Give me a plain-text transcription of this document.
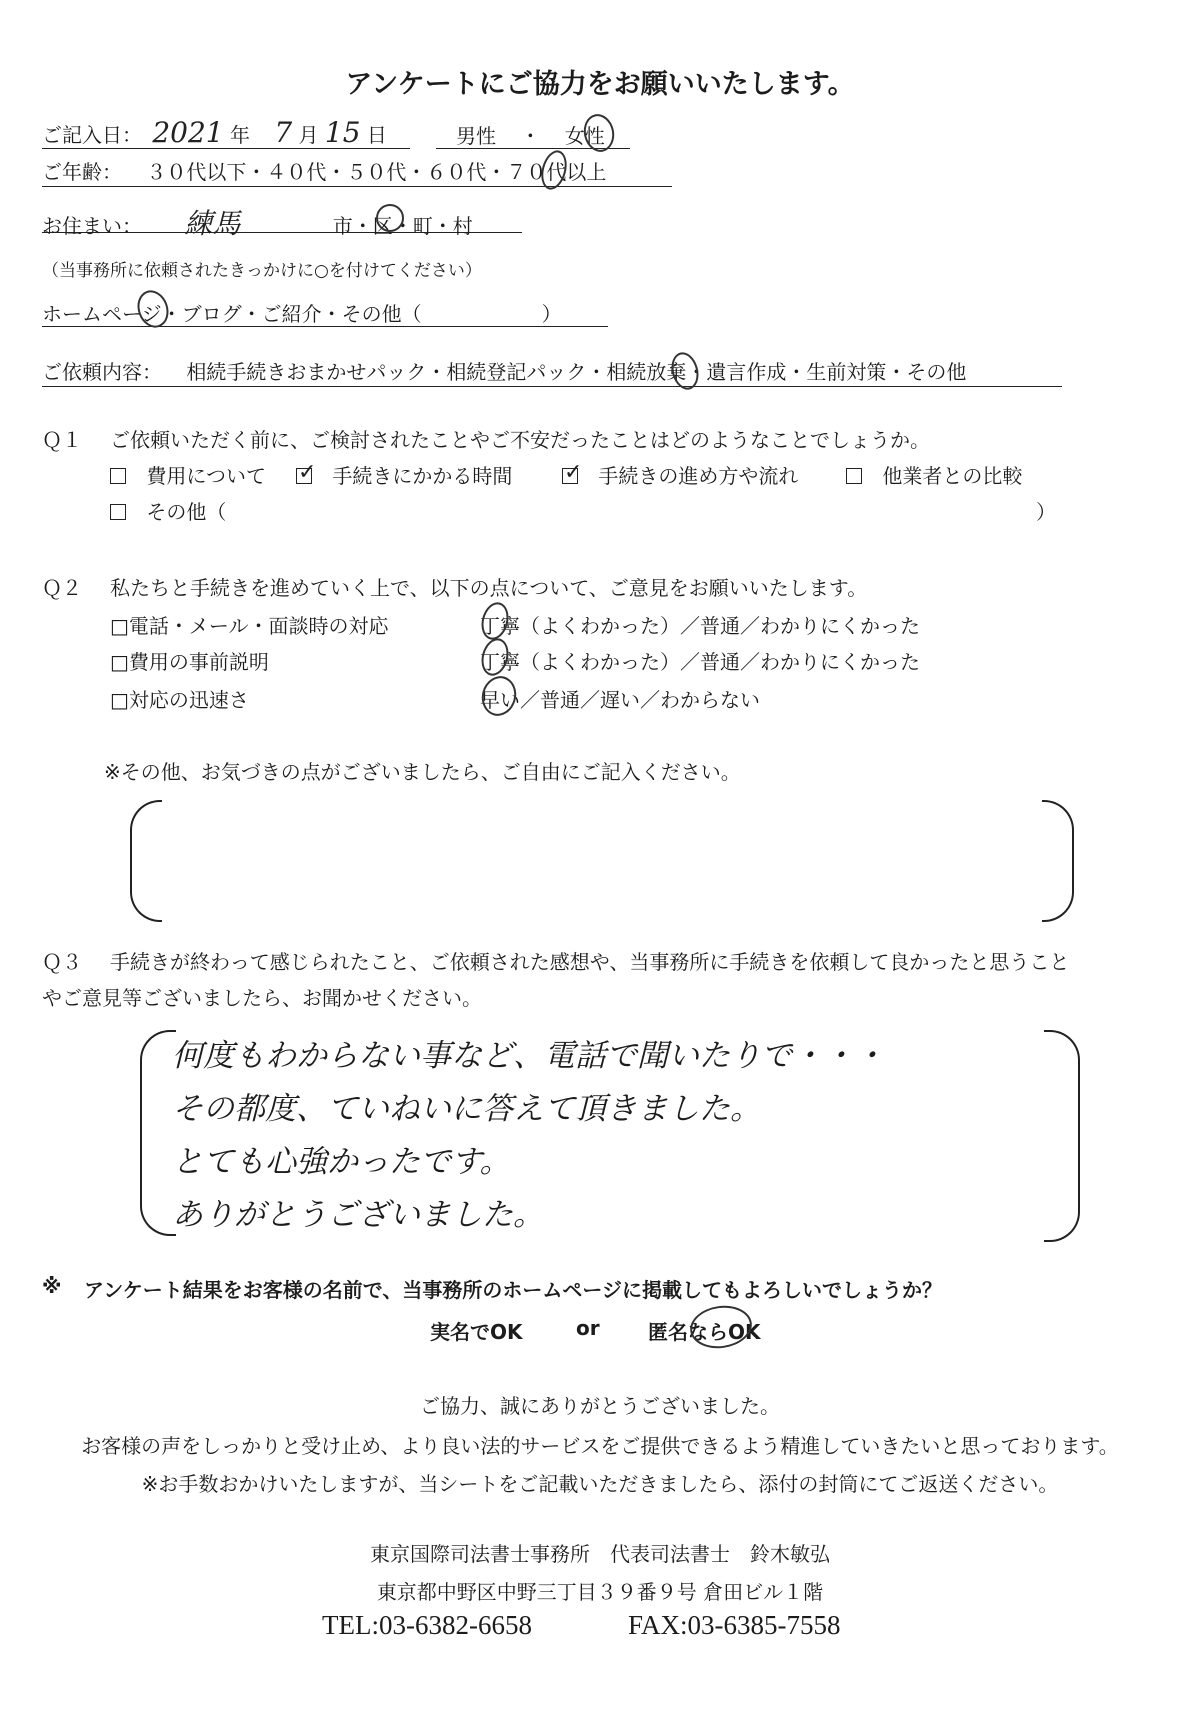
アンケートにご協力をお願いいたします。
ご記入日： 2021 年 7 月 15 日	男性 ・ 女性
ご年齢： ３０代以下・４０代・５０代・６０代・７０代以上
お住まい： 練馬	市・区・町・村
（当事務所に依頼されたきっかけに○を付けてください）
ホームページ・ブログ・ご紹介・その他（　　　　　　）
ご依頼内容： 相続手続きおまかせパック・相続登記パック・相続放棄・遺言作成・生前対策・その他
Ｑ１ ご依頼いただく前に、ご検討されたことやご不安だったことはどのようなことでしょうか。
費用について ✓ 手続きにかかる時間 ✓ 手続きの進め方や流れ	他業者との比較
その他（	）
Ｑ２ 私たちと手続きを進めていく上で、以下の点について、ご意見をお願いいたします。
□電話・メール・面談時の対応	丁寧（よくわかった）／普通／わかりにくかった
□費用の事前説明	丁寧（よくわかった）／普通／わかりにくかった
□対応の迅速さ	早い／普通／遅い／わからない
※その他、お気づきの点がございましたら、ご自由にご記入ください。
Ｑ３ 手続きが終わって感じられたこと、ご依頼された感想や、当事務所に手続きを依頼して良かったと思うこと
やご意見等ございましたら、お聞かせください。
何度もわからない事など、電話で聞いたりで・・・
その都度、ていねいに答えて頂きました。
とても心強かったです。
ありがとうございました。
※ アンケート結果をお客様の名前で、当事務所のホームページに掲載してもよろしいでしょうか？
実名でOK	or 匿名ならOK
ご協力、誠にありがとうございました。
お客様の声をしっかりと受け止め、より良い法的サービスをご提供できるよう精進していきたいと思っております。
※お手数おかけいたしますが、当シートをご記載いただきましたら、添付の封筒にてご返送ください。
東京国際司法書士事務所　代表司法書士　鈴木敏弘
東京都中野区中野三丁目３９番９号 倉田ビル１階
TEL:03-6382-6658	FAX:03-6385-7558
